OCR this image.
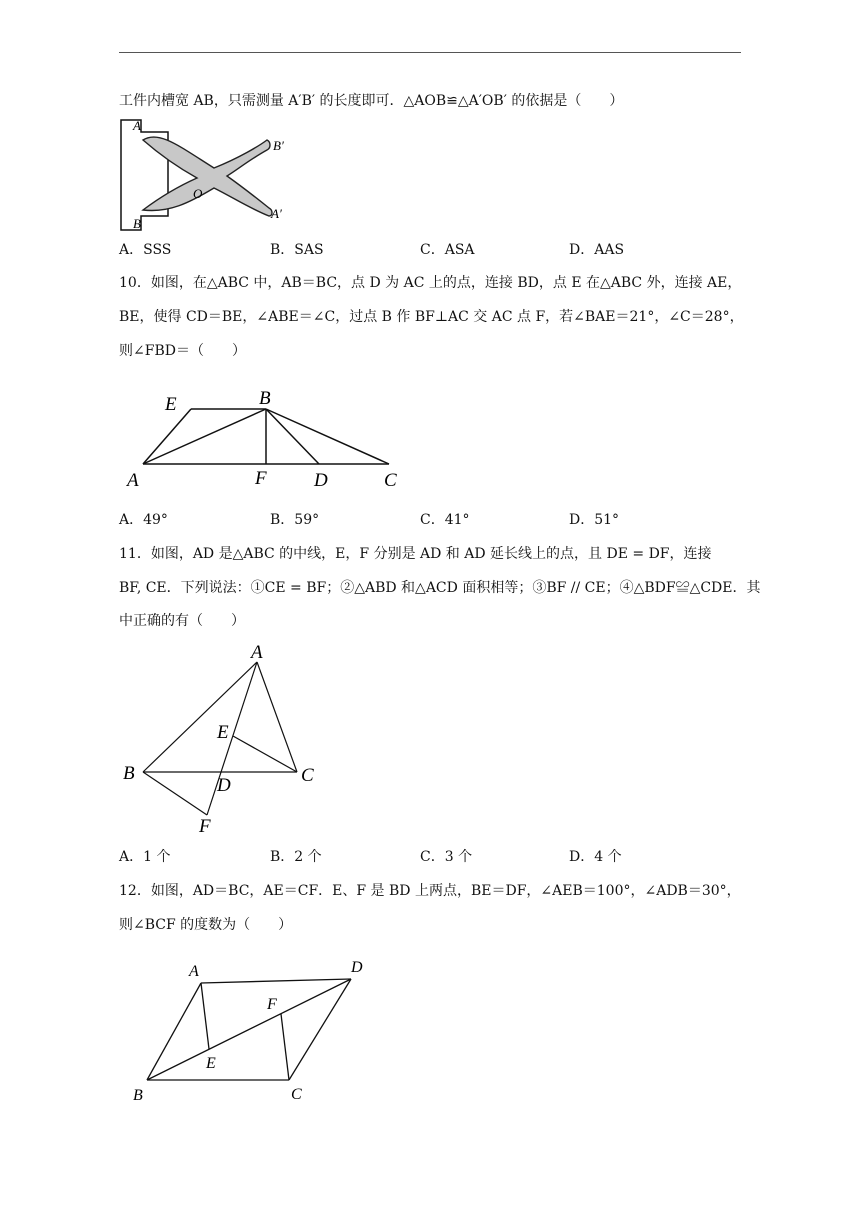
工件内槽宽 AB，只需测量 A′B′ 的长度即可．△AOB≌△A′OB′ 的依据是（　　）
A
B
O
B′
A′
A．SSS	B．SAS	C．ASA	D．AAS
10．如图，在△ABC 中，AB＝BC，点 D 为 AC 上的点，连接 BD，点 E 在△ABC 外，连接 AE，
BE，使得 CD＝BE，∠ABE＝∠C，过点 B 作 BF⊥AC 交 AC 点 F，若∠BAE＝21°，∠C＝28°，
则∠FBD＝（　　）
E	B
A	F D	C
A．49°	B．59°	C．41°	D．51°
11．如图，AD 是△ABC 的中线，E，F 分别是 AD 和 AD 延长线上的点，且 DE = DF，连接
BF, CE．下列说法：①CE = BF；②△ABD 和△ACD 面积相等；③BF // CE；④△BDF≌△CDE．其
中正确的有（　　）
A
E
B
D	C
F
A．1 个	B．2 个	C．3 个	D．4 个
12．如图，AD＝BC，AE＝CF．E、F 是 BD 上两点，BE＝DF，∠AEB＝100°，∠ADB＝30°，
则∠BCF 的度数为（　　）
A	D
F
E
B	C
